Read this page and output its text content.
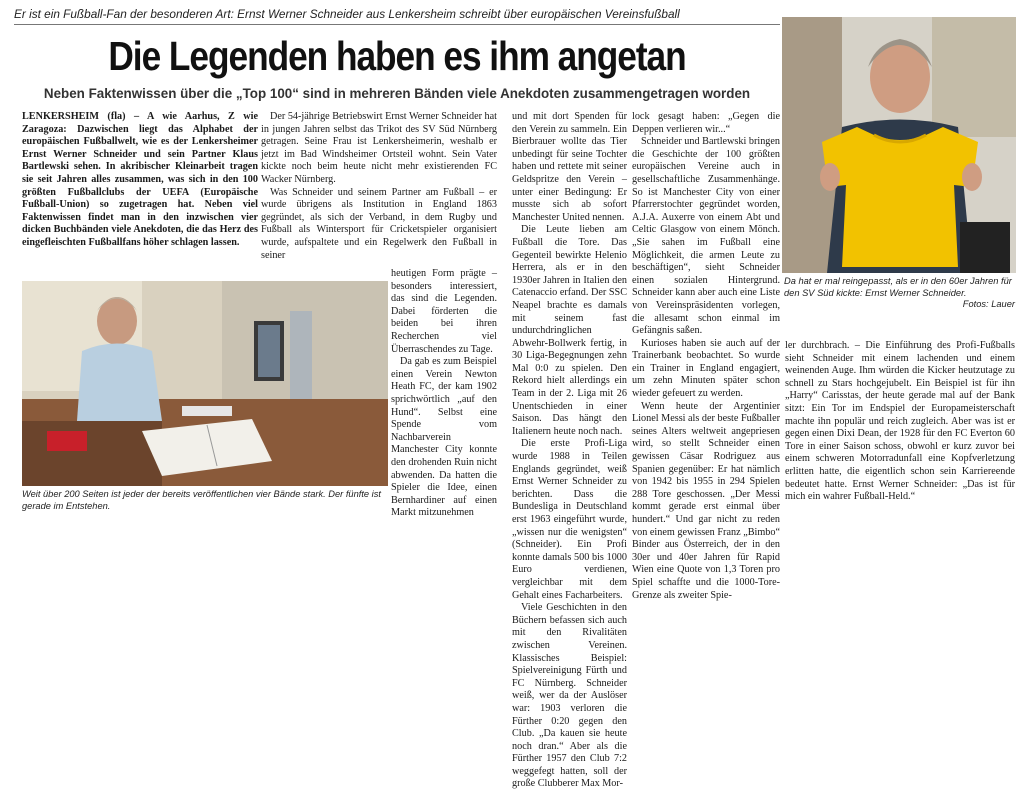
Er ist ein Fußball-Fan der besonderen Art: Ernst Werner Schneider aus Lenkersheim schreibt über europäischen Vereinsfußball
Die Legenden haben es ihm angetan
Neben Faktenwissen über die „Top 100“ sind in mehreren Bänden viele Anekdoten zusammengetragen worden

LENKERSHEIM (fla) – A wie Aarhus, Z wie Zaragoza: Dazwischen liegt das Alphabet der europäischen Fußballwelt, wie es der Lenkersheimer Ernst Werner Schneider und sein Partner Klaus Bartlewski sehen. In akribischer Kleinarbeit tragen sie seit Jahren alles zusammen, was sich in den 100 größten Fußballclubs der UEFA (Europäische Fußball-Union) so zugetragen hat. Neben viel Faktenwissen findet man in den inzwischen vier dicken Buchbänden viele Anekdoten, die das Herz des eingefleischten Fußballfans höher schlagen lassen.

Der 54-jährige Betriebswirt Ernst Werner Schneider hat in jungen Jahren selbst das Trikot des SV Süd Nürnberg getragen. Seine Frau ist Lenkersheimerin, weshalb er jetzt im Bad Windsheimer Ortsteil wohnt. Sein Vater kickte noch beim heute nicht mehr existierenden FC Wacker Nürnberg.

Was Schneider und seinem Partner am Fußball – er wurde übrigens als Institution in England 1863 gegründet, als sich der Verband, in dem Rugby und Fußball als Wintersport für Cricketspieler organisiert wurde, aufspaltete und ein Regelwerk den Fußball in seiner

Weit über 200 Seiten ist jeder der bereits veröffentlichen vier Bände stark. Der fünfte ist gerade im Entstehen.

heutigen Form prägte – besonders interessiert, das sind die Legenden. Dabei förderten die beiden bei ihren Recherchen viel Überraschendes zu Tage.

Da gab es zum Beispiel einen Verein Newton Heath FC, der kam 1902 sprichwörtlich „auf den Hund“. Selbst eine Spende vom Nachbarverein Manchester City konnte den drohenden Ruin nicht abwenden. Da hatten die Spieler die Idee, einen Bernhardiner auf einen Markt mitzunehmen

und mit dort Spenden für den Verein zu sammeln. Ein Bierbrauer wollte das Tier unbedingt für seine Tochter haben und rettete mit seiner Geldspritze den Verein – unter einer Bedingung: Er musste sich ab sofort Manchester United nennen.

Die Leute lieben am Fußball die Tore. Das Gegenteil bewirkte Helenio Herrera, als er in den 1930er Jahren in Italien den Catenaccio erfand. Der SSC Neapel brachte es damals mit seinem fast undurchdringlichen Abwehr-Bollwerk fertig, in 30 Liga-Begegnungen zehn Mal 0:0 zu spielen. Den Rekord hielt allerdings ein Team in der 2. Liga mit 26 Unentschieden in einer Saison. Das hängt den Italienern heute noch nach.

Die erste Profi-Liga wurde 1988 in Teilen Englands gegründet, weiß Ernst Werner Schneider zu berichten. Dass die Bundesliga in Deutschland erst 1963 eingeführt wurde, „wissen nur die wenigsten“ (Schneider). Ein Profi konnte damals 500 bis 1000 Euro verdienen, vergleichbar mit dem Gehalt eines Facharbeiters.

Viele Geschichten in den Büchern befassen sich auch mit den Rivalitäten zwischen Vereinen. Klassisches Beispiel: Spielvereinigung Fürth und FC Nürnberg. Schneider weiß, wer da der Auslöser war: 1903 verloren die Fürther 0:20 gegen den Club. „Da kauen sie heute noch dran.“ Aber als die Fürther 1957 den Club 7:2 weggefegt hatten, soll der große Clubberer Max Mor-

lock gesagt haben: „Gegen die Deppen verlieren wir...“

Schneider und Bartlewski bringen die Geschichte der 100 größten europäischen Vereine auch in gesellschaftliche Zusammenhänge. So ist Manchester City von einer Pfarrerstochter gegründet worden, A.J.A. Auxerre von einem Abt und Celtic Glasgow von einem Mönch. „Sie sahen im Fußball eine Möglichkeit, die armen Leute zu beschäftigen“, sieht Schneider einen sozialen Hintergrund. Schneider kann aber auch eine Liste von Vereinspräsidenten vorlegen, die allesamt schon einmal im Gefängnis saßen.

Kurioses haben sie auch auf der Trainerbank beobachtet. So wurde ein Trainer in England engagiert, um zehn Minuten später schon wieder gefeuert zu werden.

Wenn heute der Argentinier Lionel Messi als der beste Fußballer seines Alters weltweit angepriesen wird, so stellt Schneider einen gewissen Cäsar Rodriguez aus Spanien gegenüber: Er hat nämlich von 1942 bis 1955 in 294 Spielen 288 Tore geschossen. „Der Messi kommt gerade erst einmal über hundert.“ Und gar nicht zu reden von einem gewissen Franz „Bimbo“ Binder aus Österreich, der in den 30er und 40er Jahren für Rapid Wien eine Quote von 1,3 Toren pro Spiel schaffte und die 1000-Tore-Grenze als zweiter Spie-

Da hat er mal reingepasst, als er in den 60er Jahren für den SV Süd kickte: Ernst Werner Schneider.
Fotos: Lauer

ler durchbrach. – Die Einführung des Profi-Fußballs sieht Schneider mit einem lachenden und einem weinenden Auge. Ihm würden die Kicker heutzutage zu schnell zu Stars hochgejubelt. Ein Beispiel ist für ihn „Harry“ Carisstas, der heute gerade mal auf der Bank sitzt: Ein Tor im Endspiel der Europameisterschaft machte ihn populär und reich zugleich. Aber was ist er gegen einen Dixi Dean, der 1928 für den FC Everton 60 Tore in einer Saison schoss, obwohl er kurz zuvor bei einem schweren Motorradunfall eine Kopfverletzung erlitten hatte, die eigentlich schon sein Karriereende bedeutet hatte. Ernst Werner Schneider: „Das ist für mich ein wahrer Fußball-Held.“
